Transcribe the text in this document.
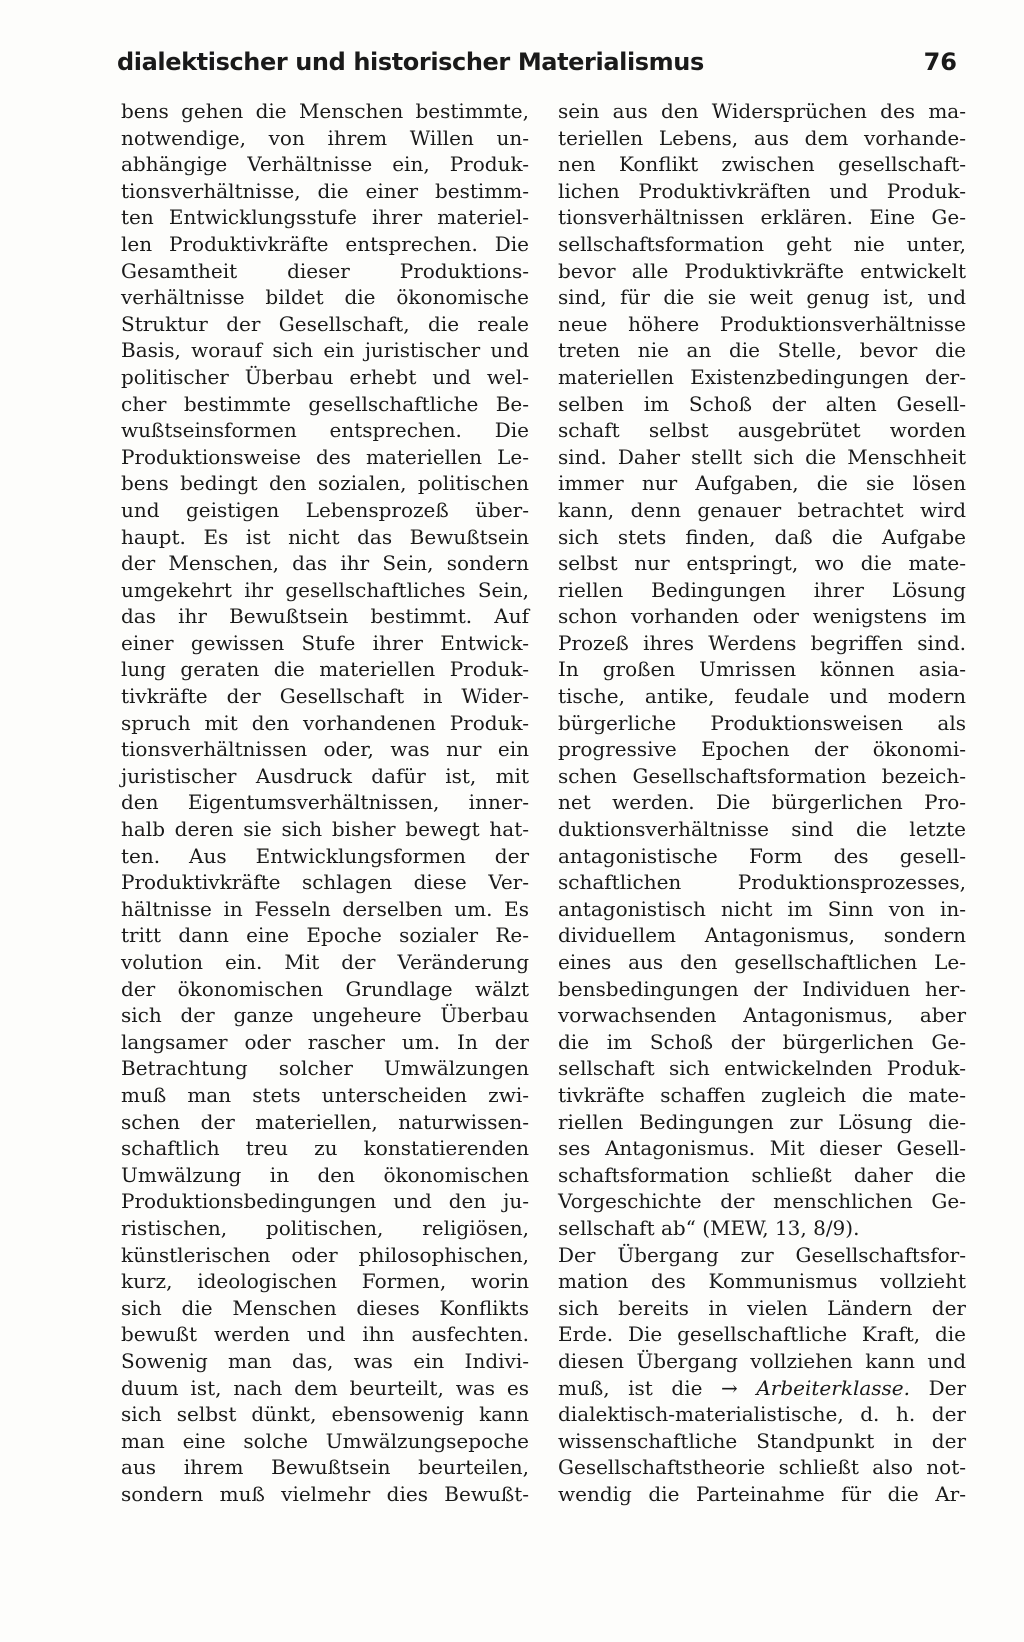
dialektischer und historischer Materialismus	76
bens gehen die Menschen bestimmte,
notwendige, von ihrem Willen un-
abhängige Verhältnisse ein, Produk-
tionsverhältnisse, die einer bestimm-
ten Entwicklungsstufe ihrer materiel-
len Produktivkräfte entsprechen. Die
Gesamtheit dieser Produktions-
verhältnisse bildet die ökonomische
Struktur der Gesellschaft, die reale
Basis, worauf sich ein juristischer und
politischer Überbau erhebt und wel-
cher bestimmte gesellschaftliche Be-
wußtseinsformen entsprechen. Die
Produktionsweise des materiellen Le-
bens bedingt den sozialen, politischen
und geistigen Lebensprozeß über-
haupt. Es ist nicht das Bewußtsein
der Menschen, das ihr Sein, sondern
umgekehrt ihr gesellschaftliches Sein,
das ihr Bewußtsein bestimmt. Auf
einer gewissen Stufe ihrer Entwick-
lung geraten die materiellen Produk-
tivkräfte der Gesellschaft in Wider-
spruch mit den vorhandenen Produk-
tionsverhältnissen oder, was nur ein
juristischer Ausdruck dafür ist, mit
den Eigentumsverhältnissen, inner-
halb deren sie sich bisher bewegt hat-
ten. Aus Entwicklungsformen der
Produktivkräfte schlagen diese Ver-
hältnisse in Fesseln derselben um. Es
tritt dann eine Epoche sozialer Re-
volution ein. Mit der Veränderung
der ökonomischen Grundlage wälzt
sich der ganze ungeheure Überbau
langsamer oder rascher um. In der
Betrachtung solcher Umwälzungen
muß man stets unterscheiden zwi-
schen der materiellen, naturwissen-
schaftlich treu zu konstatierenden
Umwälzung in den ökonomischen
Produktionsbedingungen und den ju-
ristischen, politischen, religiösen,
künstlerischen oder philosophischen,
kurz, ideologischen Formen, worin
sich die Menschen dieses Konflikts
bewußt werden und ihn ausfechten.
Sowenig man das, was ein Indivi-
duum ist, nach dem beurteilt, was es
sich selbst dünkt, ebensowenig kann
man eine solche Umwälzungsepoche
aus ihrem Bewußtsein beurteilen,
sondern muß vielmehr dies Bewußt-
sein aus den Widersprüchen des ma-
teriellen Lebens, aus dem vorhande-
nen Konflikt zwischen gesellschaft-
lichen Produktivkräften und Produk-
tionsverhältnissen erklären. Eine Ge-
sellschaftsformation geht nie unter,
bevor alle Produktivkräfte entwickelt
sind, für die sie weit genug ist, und
neue höhere Produktionsverhältnisse
treten nie an die Stelle, bevor die
materiellen Existenzbedingungen der-
selben im Schoß der alten Gesell-
schaft selbst ausgebrütet worden
sind. Daher stellt sich die Menschheit
immer nur Aufgaben, die sie lösen
kann, denn genauer betrachtet wird
sich stets finden, daß die Aufgabe
selbst nur entspringt, wo die mate-
riellen Bedingungen ihrer Lösung
schon vorhanden oder wenigstens im
Prozeß ihres Werdens begriffen sind.
In großen Umrissen können asia-
tische, antike, feudale und modern
bürgerliche Produktionsweisen als
progressive Epochen der ökonomi-
schen Gesellschaftsformation bezeich-
net werden. Die bürgerlichen Pro-
duktionsverhältnisse sind die letzte
antagonistische Form des gesell-
schaftlichen Produktionsprozesses,
antagonistisch nicht im Sinn von in-
dividuellem Antagonismus, sondern
eines aus den gesellschaftlichen Le-
bensbedingungen der Individuen her-
vorwachsenden Antagonismus, aber
die im Schoß der bürgerlichen Ge-
sellschaft sich entwickelnden Produk-
tivkräfte schaffen zugleich die mate-
riellen Bedingungen zur Lösung die-
ses Antagonismus. Mit dieser Gesell-
schaftsformation schließt daher die
Vorgeschichte der menschlichen Ge-
sellschaft ab“ (MEW, 13, 8/9).
Der Übergang zur Gesellschaftsfor-
mation des Kommunismus vollzieht
sich bereits in vielen Ländern der
Erde. Die gesellschaftliche Kraft, die
diesen Übergang vollziehen kann und
muß, ist die → Arbeiterklasse. Der
dialektisch-materialistische, d. h. der
wissenschaftliche Standpunkt in der
Gesellschaftstheorie schließt also not-
wendig die Parteinahme für die Ar-
